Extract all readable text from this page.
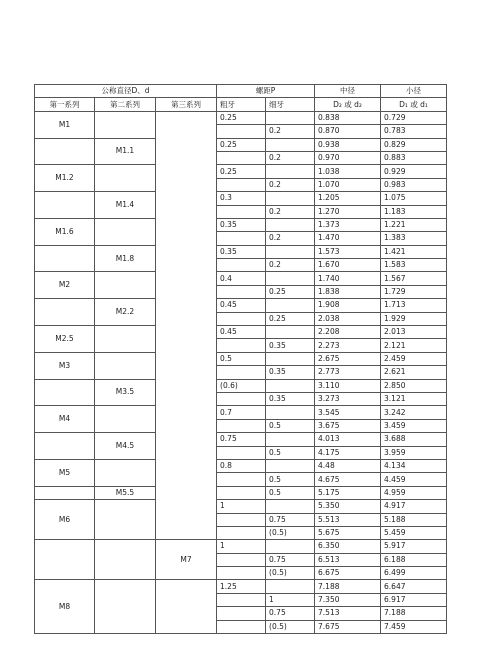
公称直径D、d			螺距P		中径	小径
第一系列	第二系列	第三系列	粗牙	细牙	D₂ 或 d₂	D₁ 或 d₁
M1			0.25		0.838	0.729
				0.2	0.870	0.783
	M1.1		0.25		0.938	0.829
				0.2	0.970	0.883
M1.2			0.25		1.038	0.929
				0.2	1.070	0.983
	M1.4		0.3		1.205	1.075
				0.2	1.270	1.183
M1.6			0.35		1.373	1.221
				0.2	1.470	1.383
	M1.8		0.35		1.573	1.421
				0.2	1.670	1.583
M2			0.4		1.740	1.567
				0.25	1.838	1.729
	M2.2		0.45		1.908	1.713
				0.25	2.038	1.929
M2.5			0.45		2.208	2.013
				0.35	2.273	2.121
M3			0.5		2.675	2.459
				0.35	2.773	2.621
	M3.5		(0.6)		3.110	2.850
				0.35	3.273	3.121
M4			0.7		3.545	3.242
				0.5	3.675	3.459
	M4.5		0.75		4.013	3.688
				0.5	4.175	3.959
M5			0.8		4.48	4.134
				0.5	4.675	4.459
	M5.5			0.5	5.175	4.959
M6			1		5.350	4.917
				0.75	5.513	5.188
				(0.5)	5.675	5.459
		M7	1		6.350	5.917
				0.75	6.513	6.188
				(0.5)	6.675	6.499
M8			1.25		7.188	6.647
				1	7.350	6.917
				0.75	7.513	7.188
				(0.5)	7.675	7.459
